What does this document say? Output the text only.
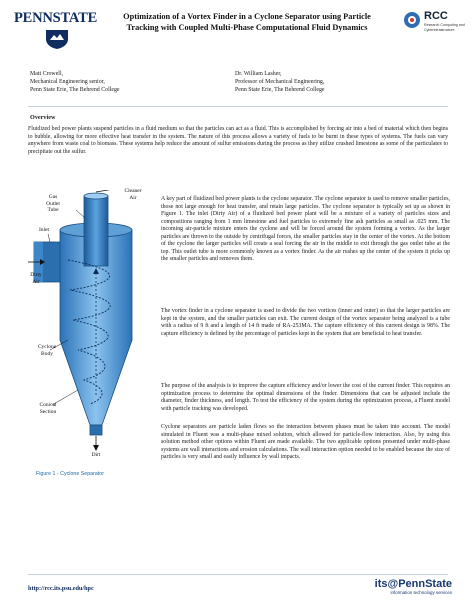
PENNSTATE	Optimization of a Vortex Finder in a Cyclone Separator using Particle Tracking with Coupled Multi-Phase Computational Fluid Dynamics
RCC
Research Computing and Cyberinfrastructure
Matt Crowell,
Mechanical Engineering senior,
Penn State Erie, The Behrend College
Dr. William Lasher,
Professor of Mechanical Engineering,
Penn State Erie, The Behrend College
Overview
Fluidized bed power plants suspend particles in a fluid medium so that the particles can act as a fluid. This is accomplished by forcing air into a bed of material which then begins to bubble, allowing for more effective heat transfer in the system. The nature of this process allows a variety of fuels to be burnt in these types of systems. The fuels can vary anywhere from waste coal to biomass. These systems help reduce the amount of sulfur emissions during the process as they utilize crushed limestone as some of the particulates to precipitate out the sulfur.
Gas
Outlet
Tube
Cleaner
Air
Inlet
Dirty
Air
Cyclone
Body
Conical
Section
Dirt
Figure 1 - Cyclone Separator
A key part of fluidized bed power plants is the cyclone separator. The cyclone separator is used to remove smaller particles, those not large enough for heat transfer, and retain large particles. The cyclone separator is typically set up as shown in Figure 1. The inlet (Dirty Air) of a fluidized bed power plant will be a mixture of a variety of particles sizes and compositions ranging from 1 mm limestone and fuel particles to extremely fine ash particles as small as .025 mm. The incoming air-particle mixture enters the cyclone and will be forced around the system forming a vortex. As the larger particles are thrown to the outside by centrifugal forces, the smaller particles stay in the center of the vortex. At the bottom of the cyclone the larger particles will create a seal forcing the air in the middle to exit through the gas outlet tube at the top. This outlet tube is more commonly known as a vortex finder. As the air rushes up the center of the system it picks up the smaller particles and removes them.
The vortex finder in a cyclone separator is used to divide the two vortices (inner and outer) so that the larger particles are kept in the system, and the smaller particles can exit. The current design of the vortex separator being analyzed is a tube with a radius of 9 ft and a length of 14 ft made of RA-253MA. The capture efficiency of this current design is 98%. The capture efficiency is defined by the percentage of particles kept in the system that are beneficial to heat transfer.
The purpose of the analysis is to improve the capture efficiency and/or lower the cost of the current finder. This requires an optimization process to determine the optimal dimensions of the finder. Dimensions that can be adjusted include the diameter, finder thickness, and length. To test the efficiency of the system during the optimization process, a Fluent model with particle tracking was developed.
Cyclone separators are particle laden flows so the interaction between phases must be taken into account. The model simulated in Fluent was a multi-phase mixed solution, which allowed for particle-flow interaction. Also, by using this solution method other options within Fluent are made available. The two applicable options presented under multi-phase systems are wall interactions and erosion calculations. The wall interaction option needed to be enabled because the size of particles is very small and easily influence by wall impacts.
http://rcc.its.psu.edu/hpc	its@PennState
information technology services
